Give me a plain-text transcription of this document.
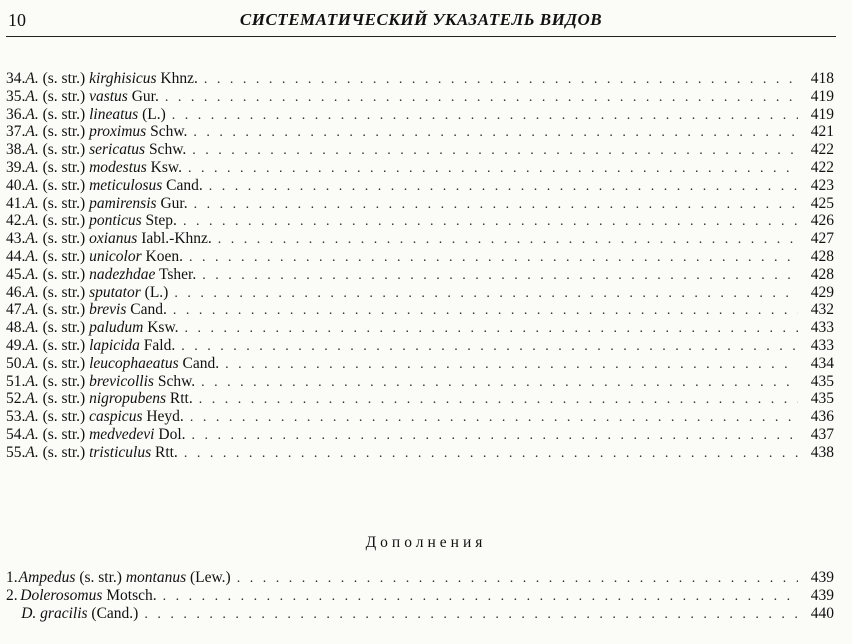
10	СИСТЕМАТИЧЕСКИЙ УКАЗАТЕЛЬ ВИДОВ
34. A. (s. str.) kirghisicus Khnz. . . .	418
35. A. (s. str.) vastus Gur. . . .	419
36. A. (s. str.) lineatus (L.) . . .	419
37. A. (s. str.) proximus Schw. . . .	421
38. A. (s. str.) sericatus Schw. . . .	422
39. A. (s. str.) modestus Ksw. . . .	422
40. A. (s. str.) meticulosus Cand. . . .	423
41. A. (s. str.) pamirensis Gur. . . .	425
42. A. (s. str.) ponticus Step. . . .	426
43. A. (s. str.) oxianus Iabl.-Khnz. . . .	427
44. A. (s. str.) unicolor Koen. . . .	428
45. A. (s. str.) nadezhdae Tsher. . . .	428
46. A. (s. str.) sputator (L.) . . .	429
47. A. (s. str.) brevis Cand. . . .	432
48. A. (s. str.) paludum Ksw. . . .	433
49. A. (s. str.) lapicida Fald. . . .	433
50. A. (s. str.) leucophaeatus Cand. . . .	434
51. A. (s. str.) brevicollis Schw. . . .	435
52. A. (s. str.) nigropubens Rtt. . . .	435
53. A. (s. str.) caspicus Heyd. . . .	436
54. A. (s. str.) medvedevi Dol. . . .	437
55. A. (s. str.) tristiculus Rtt. . . .	438
Дополнения
1. Ampedus (s. str.) montanus (Lew.) . . .	439
2. Dolerosomus Motsch. . . .	439
D. gracilis (Cand.) . . .	440
